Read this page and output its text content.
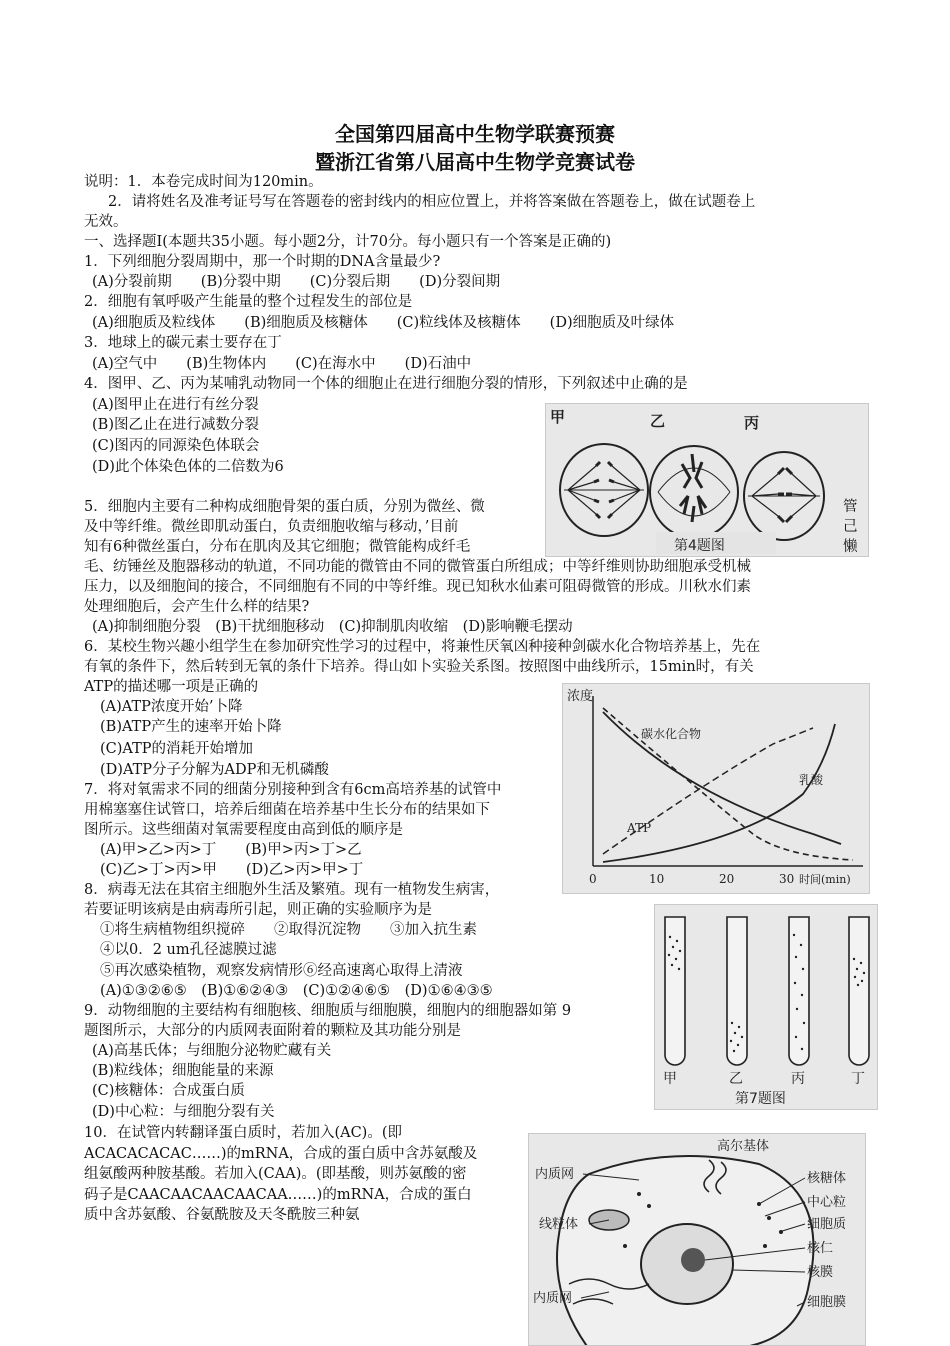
全国第四届高中生物学联赛预赛
暨浙江省第八届高中生物学竞赛试卷
说明：1．本卷完成时间为120min。
2．请将姓名及准考证号写在答题卷的密封线内的相应位置上，并将答案做在答题卷上，做在试题卷上
无效。
一、选择题Ⅰ(本题共35小题。每小题2分，计70分。每小题只有一个答案是正确的)
1．下列细胞分裂周期中，那一个时期的DNA含量最少?
(A)分裂前期　　(B)分裂中期　　(C)分裂后期　　(D)分裂间期
2．细胞有氧呼吸产生能量的整个过程发生的部位是
(A)细胞质及粒线体　　(B)细胞质及核糖体　　(C)粒线体及核糖体　　(D)细胞质及叶绿体
3．地球上的碳元素士要存在丁
(A)空气中　　(B)生物体内　　(C)在海水中　　(D)石油中
4．图甲、乙、丙为某哺乳动物同一个体的细胞止在进行细胞分裂的情形，下列叙述中止确的是
(A)图甲止在进行有丝分裂
(B)图乙止在进行减数分裂
(C)图丙的同源染色体联会
(D)此个体染色体的二倍数为6
甲	乙	丙
第4题图
5．细胞内主要有二种构成细胞骨架的蛋白质，分别为微丝、微	管
及中等纤维。微丝即肌动蛋白，负责细胞收缩与移动，’目前	己
知有6种微丝蛋白，分布在肌肉及其它细胞；微管能构成纤毛	懒
毛、纺锤丝及胞器移动的轨道，不同功能的微管由不同的微管蛋白所组成；中等纤维则协助细胞承受机械
压力，以及细胞间的接合，不同细胞有不同的中等纤维。现已知秋水仙素可阻碍微管的形成。川秋水们素
处理细胞后，会产生什么样的结果?
(A)抑制细胞分裂　(B)干扰细胞移动　(C)抑制肌肉收缩　(D)影响鞭毛摆动
6．某校生物兴趣小组学生在参加研究性学习的过程中，将兼性厌氧凶种接种剑碳水化合物培养基上，先在
有氧的条件下，然后转到无氧的条什下培养。得山如卜实验关系图。按照图中曲线所示，15min时，有关
ATP的描述哪一项是正确的
(A)ATP浓度开始’卜降
(B)ATP产生的速率开始卜降
(C)ATP的消耗开始增加
(D)ATP分子分解为ADP和无机磷酸
浓度
碳水化合物
乳酸
ATP
0	10	20	30 时间(min)
7．将对氧需求不同的细菌分别接种到含有6cm高培养基的试管中
用棉塞塞住试管口，培养后细菌在培养基中生长分布的结果如下
图所示。这些细菌对氧需要程度由高到低的顺序是
(A)甲>乙>丙>丁　　(B)甲>丙>丁>乙
(C)乙>丁>丙>甲　　(D)乙>丙>甲>丁
8．病毒无法在其宿主细胞外生活及繁殖。现有一植物发生病害，
若要证明该病是由病毒所引起，则正确的实验顺序为是
①将生病植物组织搅碎　　②取得沉淀物　　③加入抗生素
④以0．2 um孔径滤膜过滤
⑤再次感染植物，观察发病情形⑥经高速离心取得上清液
(A)①③②⑥⑤　(B)①⑥②④③　(C)①②④⑥⑤　(D)①⑥④③⑤
甲	乙	丙	丁
第7题图
9．动物细胞的主要结构有细胞核、细胞质与细胞膜，细胞内的细胞器如第 9
题图所示，大部分的内质网表面附着的颗粒及其功能分别是
(A)高基氏体；与细胞分泌物贮藏有关
(B)粒线体；细胞能量的来源
(C)核糖体：合成蛋白质
(D)中心粒：与细胞分裂有关
10．在试管内转翻译蛋白质时，若加入(AC)。(即
ACACACACAC……)的mRNA，合成的蛋白质中含苏氨酸及
组氨酸两种胺基酸。若加入(CAA)。(即基酸，则苏氨酸的密
码子是CAACAACAACAACAA……)的mRNA，合成的蛋白
质中含苏氨酸、谷氨酰胺及天冬酰胺三种氨
高尔基体
内质网
线粒体
内质网
核糖体
中心粒
细胞质
核仁
核膜
细胞膜
